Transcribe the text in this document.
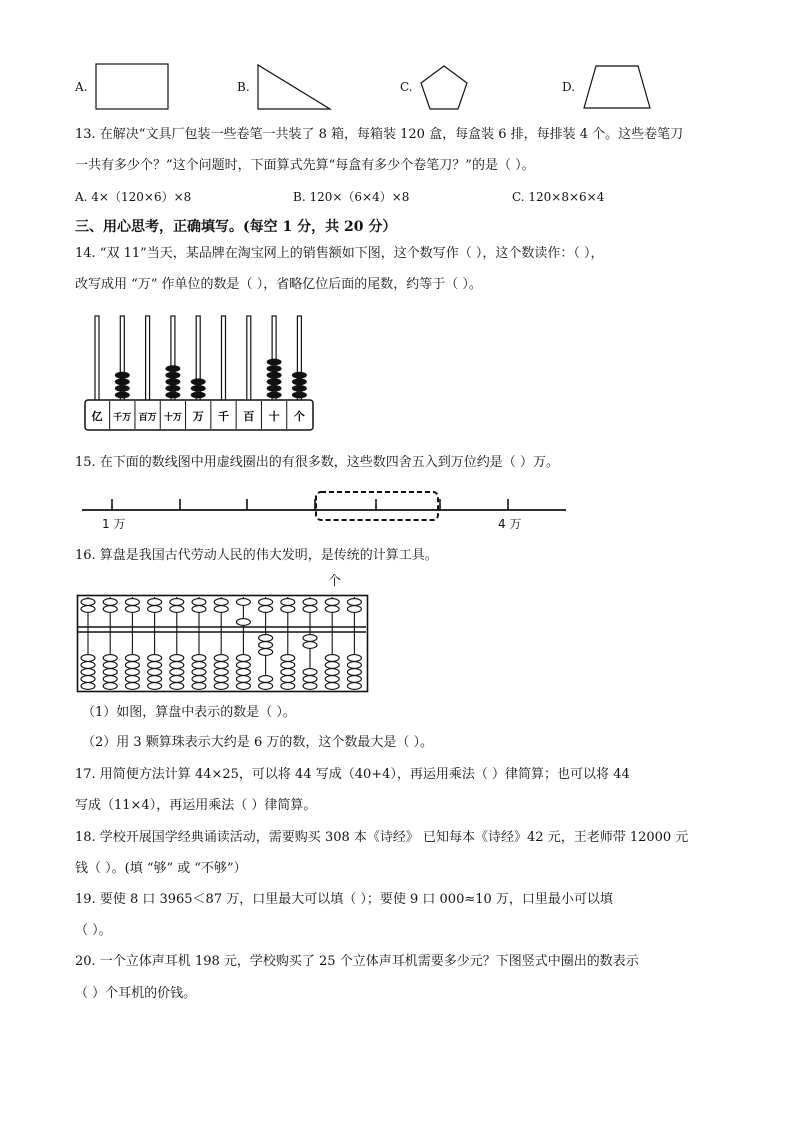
A.	B.	C.	D.
13. 在解决“文具厂包装一些卷笔一共装了 8 箱，每箱装 120 盒，每盒装 6 排，每排装 4 个。这些卷笔刀
一共有多少个？”这个问题时，下面算式先算“每盒有多少个卷笔刀？”的是（ ）。
A. 4×（120×6）×8	B. 120×（6×4）×8	C. 120×8×6×4
三、用心思考，正确填写。(每空 1 分，共 20 分）
14. “双 11”当天，某品牌在淘宝网上的销售额如下图，这个数写作（ ），这个数读作：（ ），
改写成用 “万” 作单位的数是（ ），省略亿位后面的尾数，约等于（ ）。
亿 千万 百万 十万 万 千 百 十 个
15. 在下面的数线图中用虚线圈出的有很多数，这些数四舍五入到万位约是（ ）万。
1 万	4 万
16. 算盘是我国古代劳动人民的伟大发明，是传统的计算工具。
个
（1）如图，算盘中表示的数是（ ）。
（2）用 3 颗算珠表示大约是 6 万的数，这个数最大是（ ）。
17. 用简便方法计算 44×25，可以将 44 写成（40+4），再运用乘法（ ）律简算；也可以将 44
写成（11×4），再运用乘法（ ）律简算。
18. 学校开展国学经典诵读活动，需要购买 308 本《诗经》 已知每本《诗经》42 元，王老师带 12000 元
钱（ ）。(填 “够” 或 “不够”）
19. 要使 8 口 3965＜87 万，口里最大可以填（ ）；要使 9 口 000≈10 万，口里最小可以填
（ ）。
20. 一个立体声耳机 198 元，学校购买了 25 个立体声耳机需要多少元？下图竖式中圈出的数表示
（ ）个耳机的价钱。
